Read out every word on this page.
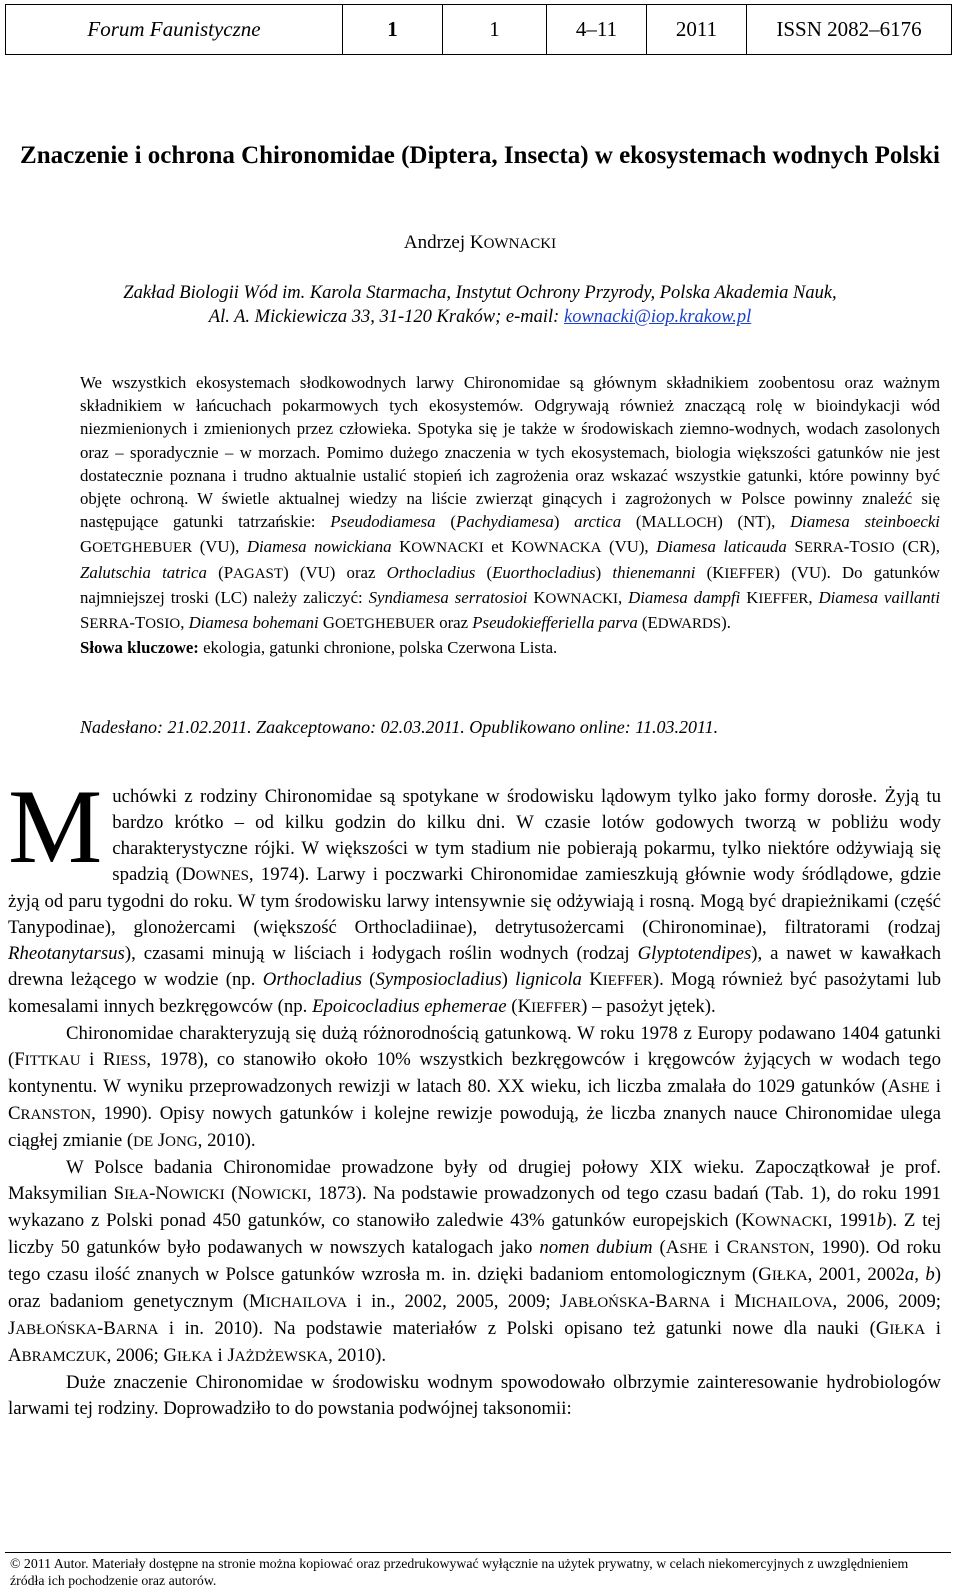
Forum Faunistyczne	1	1	4–11	2011	ISSN 2082–6176
Znaczenie i ochrona Chironomidae (Diptera, Insecta) w ekosystemach wodnych Polski
Andrzej KOWNACKI
Zakład Biologii Wód im. Karola Starmacha, Instytut Ochrony Przyrody, Polska Akademia Nauk,
Al. A. Mickiewicza 33, 31-120 Kraków; e-mail: kownacki@iop.krakow.pl

We wszystkich ekosystemach słodkowodnych larwy Chironomidae są głównym składnikiem zoobentosu oraz ważnym składnikiem w łańcuchach pokarmowych tych ekosystemów. Odgrywają również znaczącą rolę w bioindykacji wód niezmienionych i zmienionych przez człowieka. Spotyka się je także w środowiskach ziemno-wodnych, wodach zasolonych oraz – sporadycznie – w morzach. Pomimo dużego znaczenia w tych ekosystemach, biologia większości gatunków nie jest dostatecznie poznana i trudno aktualnie ustalić stopień ich zagrożenia oraz wskazać wszystkie gatunki, które powinny być objęte ochroną. W świetle aktualnej wiedzy na liście zwierząt ginących i zagrożonych w Polsce powinny znaleźć się następujące gatunki tatrzańskie: Pseudodiamesa (Pachydiamesa) arctica (MALLOCH) (NT), Diamesa steinboecki GOETGHEBUER (VU), Diamesa nowickiana KOWNACKI et KOWNACKA (VU), Diamesa laticauda SERRA-TOSIO (CR), Zalutschia tatrica (PAGAST) (VU) oraz Orthocladius (Euorthocladius) thienemanni (KIEFFER) (VU). Do gatunków najmniejszej troski (LC) należy zaliczyć: Syndiamesa serratosioi KOWNACKI, Diamesa dampfi KIEFFER, Diamesa vaillanti SERRA-TOSIO, Diamesa bohemani GOETGHEBUER oraz Pseudokiefferiella parva (EDWARDS).

Słowa kluczowe: ekologia, gatunki chronione, polska Czerwona Lista.

Nadesłano: 21.02.2011. Zaakceptowano: 02.03.2011. Opublikowano online: 11.03.2011.

Muchówki z rodziny Chironomidae są spotykane w środowisku lądowym tylko jako formy dorosłe. Żyją tu bardzo krótko – od kilku godzin do kilku dni. W czasie lotów godowych tworzą w pobliżu wody charakterystyczne rójki. W większości w tym stadium nie pobierają pokarmu, tylko niektóre odżywiają się spadzią (DOWNES, 1974). Larwy i poczwarki Chironomidae zamieszkują głównie wody śródlądowe, gdzie żyją od paru tygodni do roku. W tym środowisku larwy intensywnie się odżywiają i rosną. Mogą być drapieżnikami (część Tanypodinae), glonożercami (większość Orthocladiinae), detrytusożercami (Chironominae), filtratorami (rodzaj Rheotanytarsus), czasami minują w liściach i łodygach roślin wodnych (rodzaj Glyptotendipes), a nawet w kawałkach drewna leżącego w wodzie (np. Orthocladius (Symposiocladius) lignicola KIEFFER). Mogą również być pasożytami lub komesalami innych bezkręgowców (np. Epoicocladius ephemerae (KIEFFER) – pasożyt jętek).

Chironomidae charakteryzują się dużą różnorodnością gatunkową. W roku 1978 z Europy podawano 1404 gatunki (FITTKAU i RIESS, 1978), co stanowiło około 10% wszystkich bezkręgowców i kręgowców żyjących w wodach tego kontynentu. W wyniku przeprowadzonych rewizji w latach 80. XX wieku, ich liczba zmalała do 1029 gatunków (ASHE i CRANSTON, 1990). Opisy nowych gatunków i kolejne rewizje powodują, że liczba znanych nauce Chironomidae ulega ciągłej zmianie (DE JONG, 2010).

W Polsce badania Chironomidae prowadzone były od drugiej połowy XIX wieku. Zapoczątkował je prof. Maksymilian SIŁA-NOWICKI (NOWICKI, 1873). Na podstawie prowadzonych od tego czasu badań (Tab. 1), do roku 1991 wykazano z Polski ponad 450 gatunków, co stanowiło zaledwie 43% gatunków europejskich (KOWNACKI, 1991b). Z tej liczby 50 gatunków było podawanych w nowszych katalogach jako nomen dubium (ASHE i CRANSTON, 1990). Od roku tego czasu ilość znanych w Polsce gatunków wzrosła m. in. dzięki badaniom entomologicznym (GIŁKA, 2001, 2002a, b) oraz badaniom genetycznym (MICHAILOVA i in., 2002, 2005, 2009; JABŁOŃSKA-BARNA i MICHAILOVA, 2006, 2009; JABŁOŃSKA-BARNA i in. 2010). Na podstawie materiałów z Polski opisano też gatunki nowe dla nauki (GIŁKA i ABRAMCZUK, 2006; GIŁKA i JAŻDŻEWSKA, 2010).

Duże znaczenie Chironomidae w środowisku wodnym spowodowało olbrzymie zainteresowanie hydrobiologów larwami tej rodziny. Doprowadziło to do powstania podwójnej taksonomii:

© 2011 Autor. Materiały dostępne na stronie można kopiować oraz przedrukowywać wyłącznie na użytek prywatny, w celach niekomercyjnych z uwzględnieniem źródła ich pochodzenie oraz autorów.
